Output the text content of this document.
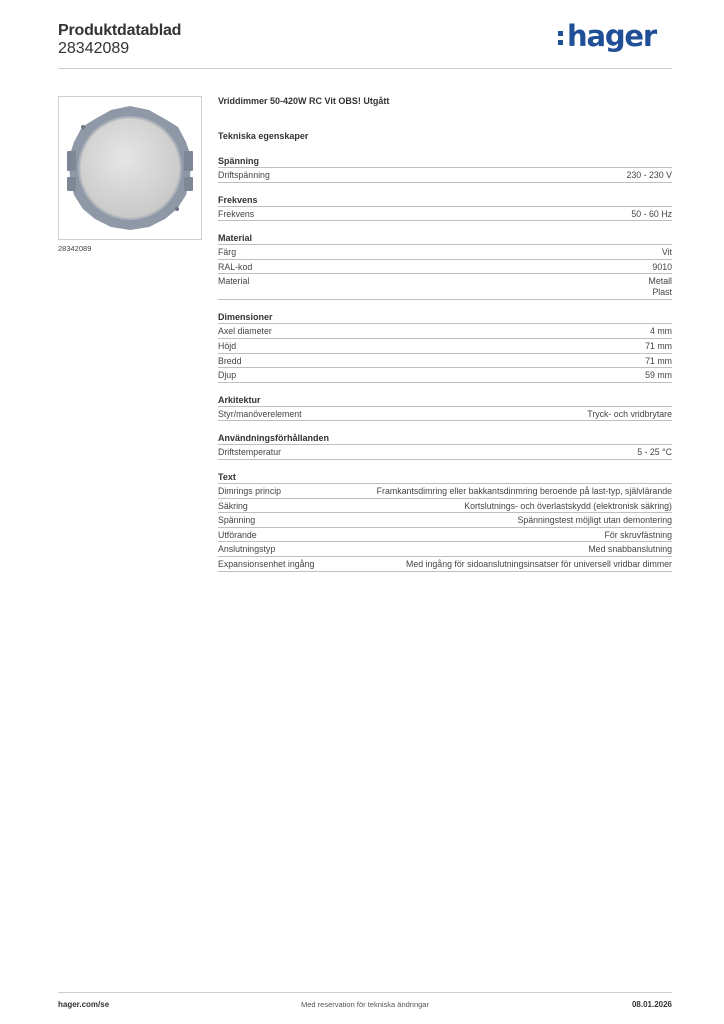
Produktdatablad
28342089	hager
28342089
Vriddimmer 50-420W RC Vit OBS! Utgått
Tekniska egenskaper
Spänning
Driftspänning	230 - 230 V
Frekvens
Frekvens	50 - 60 Hz
Material
Färg	Vit
RAL-kod	9010
Material	Metall
Plast
Dimensioner
Axel diameter	4 mm
Höjd	71 mm
Bredd	71 mm
Djup	59 mm
Arkitektur
Styr/manöverelement	Tryck- och vridbrytare
Användningsförhållanden
Driftstemperatur	5 - 25 °C
Text
Dimrings princip	Framkantsdimring eller bakkantsdinmring beroende på last-typ, självlärande
Säkring	Kortslutnings- och överlastskydd (elektronisk säkring)
Spänning	Spänningstest möjligt utan demontering
Utförande	För skruvfästning
Anslutningstyp	Med snabbanslutning
Expansionsenhet ingång	Med ingång för sidoanslutningsinsatser för universell vridbar dimmer
hager.com/se	Med reservation för tekniska ändringar	08.01.2026
